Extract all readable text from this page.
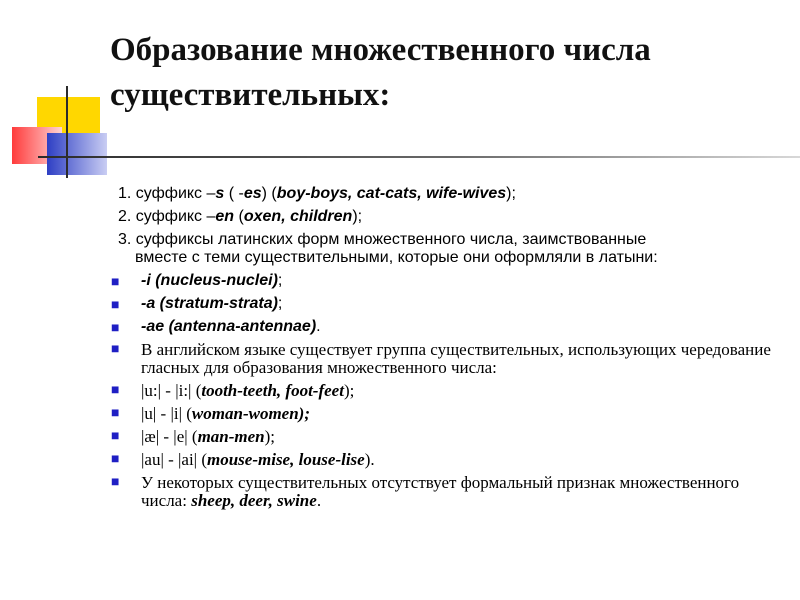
Образование множественного числа
существительных:
1. суффикс –s ( -es) (boy-boys, cat-cats, wife-wives);
2. суффикс –en (oxen, children);
3. суффиксы латинских форм множественного числа, заимствованные
вместе с теми существительными, которые они оформляли в латыни:
■ -i (nucleus-nuclei);
■ -a (stratum-strata);
■ -ae (antenna-antennae).
■ В английском языке существует группа существительных, использующих чередование гласных для образования множественного числа:
■ |u:| - |i:| (tooth-teeth, foot-feet);
■ |u| - |i| (woman-women);
■ |æ| - |e| (man-men);
■ |au| - |ai| (mouse-mise, louse-lise).
■ У некоторых существительных отсутствует формальный признак множественного числа: sheep, deer, swine.
